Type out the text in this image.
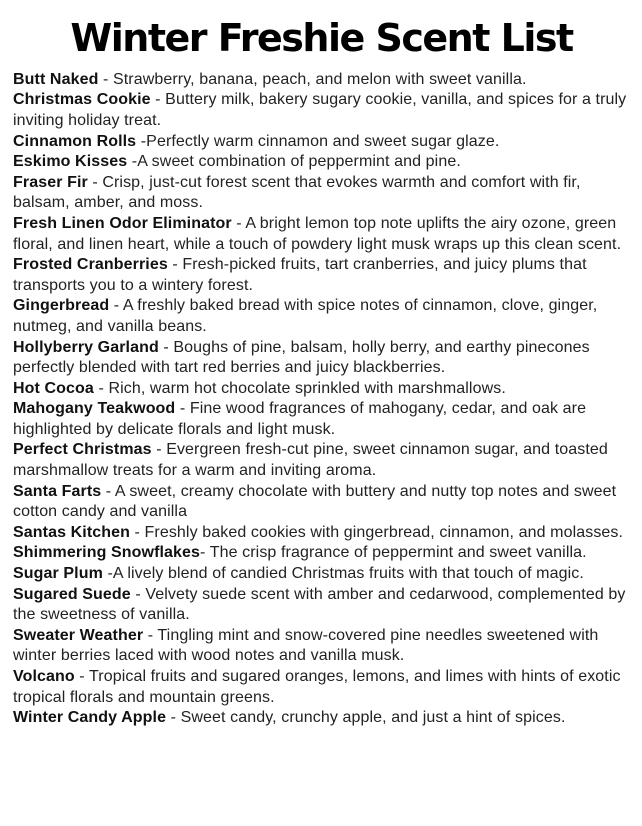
Winter Freshie Scent List

Butt Naked - Strawberry, banana, peach, and melon with sweet vanilla.

Christmas Cookie - Buttery milk, bakery sugary cookie, vanilla, and spices for a truly inviting holiday treat.

Cinnamon Rolls -Perfectly warm cinnamon and sweet sugar glaze.

Eskimo Kisses -A sweet combination of peppermint and pine.

Fraser Fir - Crisp, just-cut forest scent that evokes warmth and comfort with fir, balsam, amber, and moss.

Fresh Linen Odor Eliminator - A bright lemon top note uplifts the airy ozone, green floral, and linen heart, while a touch of powdery light musk wraps up this clean scent.

Frosted Cranberries - Fresh-picked fruits, tart cranberries, and juicy plums that transports you to a wintery forest.

Gingerbread - A freshly baked bread with spice notes of cinnamon, clove, ginger, nutmeg, and vanilla beans.

Hollyberry Garland - Boughs of pine, balsam, holly berry, and earthy pinecones perfectly blended with tart red berries and juicy blackberries.

Hot Cocoa - Rich, warm hot chocolate sprinkled with marshmallows.

Mahogany Teakwood - Fine wood fragrances of mahogany, cedar, and oak are highlighted by delicate florals and light musk.

Perfect Christmas - Evergreen fresh-cut pine, sweet cinnamon sugar, and toasted marshmallow treats for a warm and inviting aroma.

Santa Farts - A sweet, creamy chocolate with buttery and nutty top notes and sweet cotton candy and vanilla

Santas Kitchen - Freshly baked cookies with gingerbread, cinnamon, and molasses.

Shimmering Snowflakes- The crisp fragrance of peppermint and sweet vanilla.

Sugar Plum -A lively blend of candied Christmas fruits with that touch of magic.

Sugared Suede - Velvety suede scent with amber and cedarwood, complemented by the sweetness of vanilla.

Sweater Weather - Tingling mint and snow-covered pine needles sweetened with winter berries laced with wood notes and vanilla musk.

Volcano - Tropical fruits and sugared oranges, lemons, and limes with hints of exotic tropical florals and mountain greens.

Winter Candy Apple - Sweet candy, crunchy apple, and just a hint of spices.
